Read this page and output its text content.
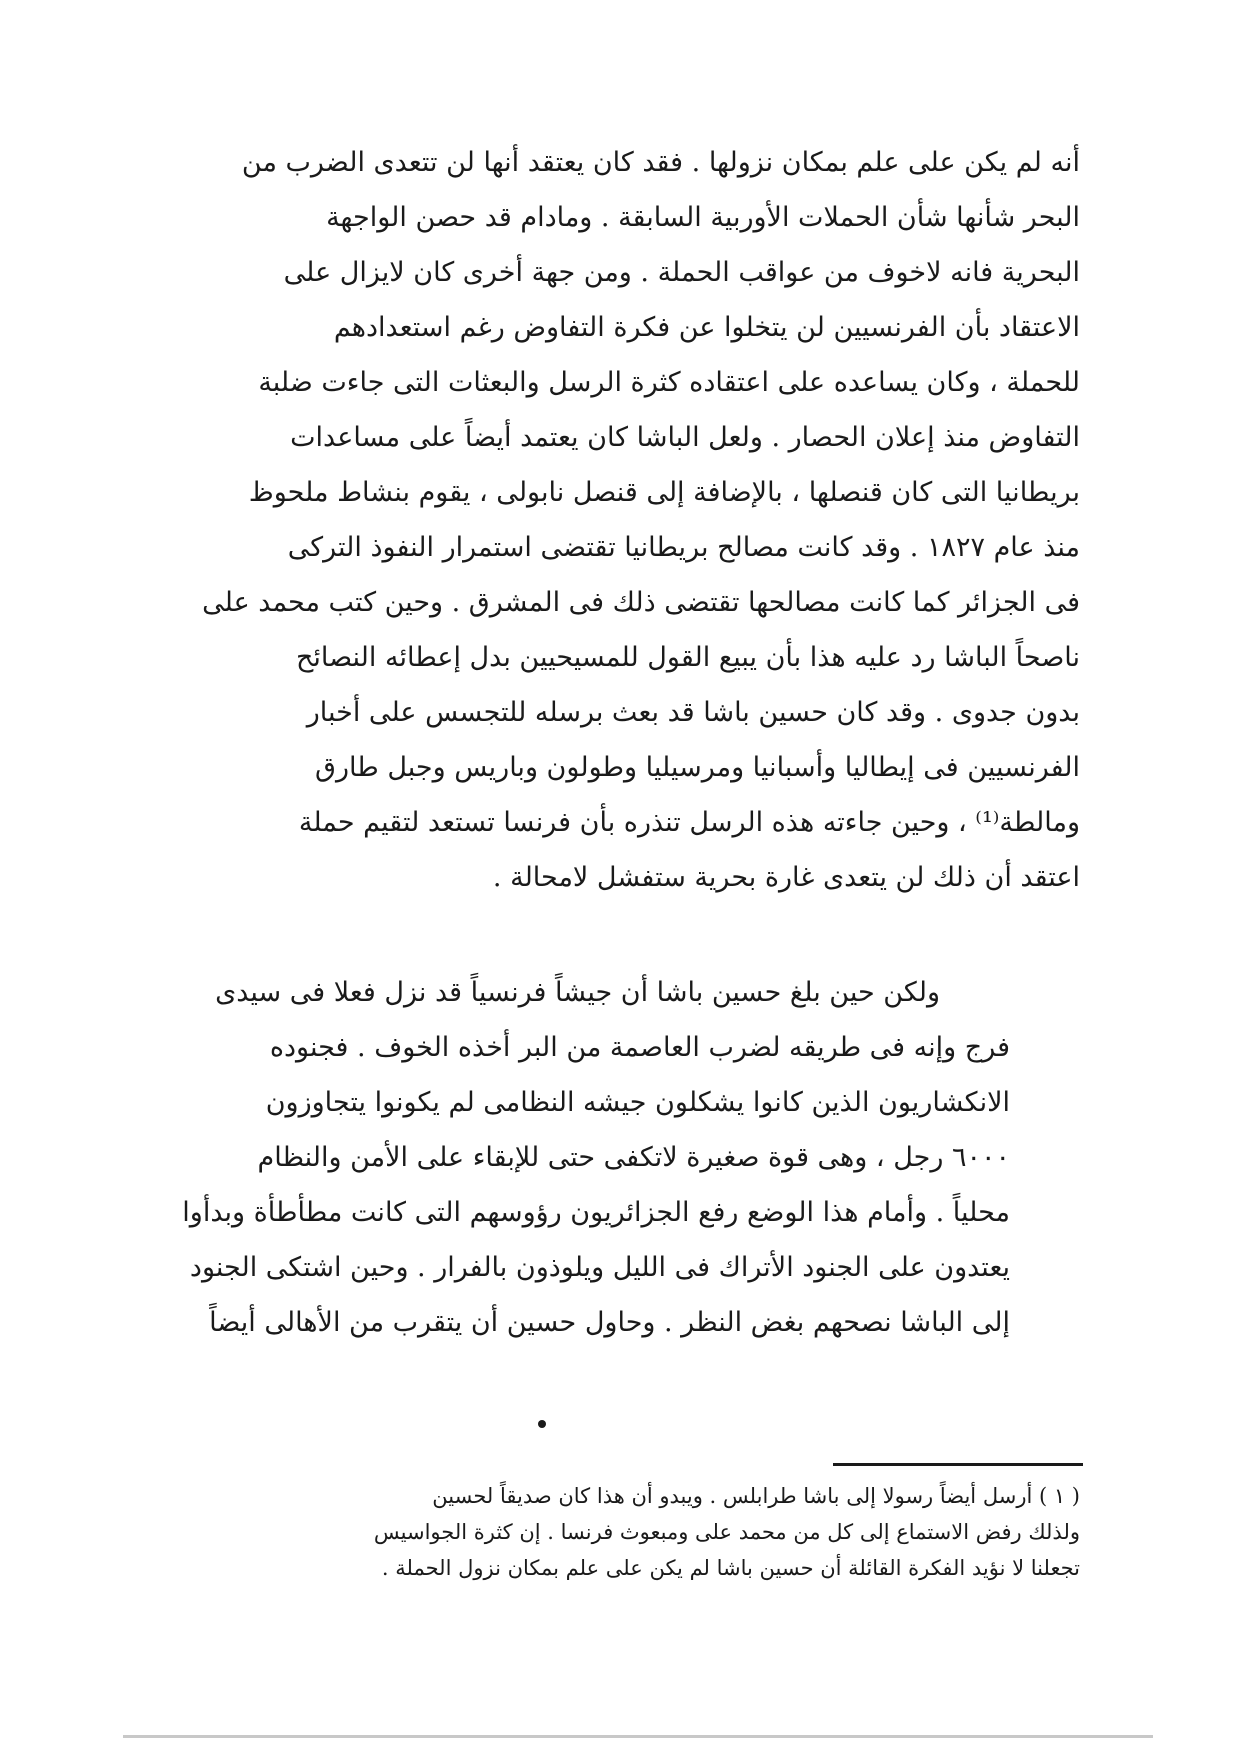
أنه لم يكن على علم بمكان نزولها . فقد كان يعتقد أنها لن تتعدى الضرب من
البحر شأنها شأن الحملات الأوربية السابقة . ومادام قد حصن الواجهة
البحرية فانه لاخوف من عواقب الحملة . ومن جهة أخرى كان لايزال على
الاعتقاد بأن الفرنسيين لن يتخلوا عن فكرة التفاوض رغم استعدادهم
للحملة ، وكان يساعده على اعتقاده كثرة الرسل والبعثات التى جاءت ضلبة
التفاوض منذ إعلان الحصار . ولعل الباشا كان يعتمد أيضاً على مساعدات
بريطانيا التى كان قنصلها ، بالإضافة إلى قنصل نابولى ، يقوم بنشاط ملحوظ
منذ عام ١٨٢٧ . وقد كانت مصالح بريطانيا تقتضى استمرار النفوذ التركى
فى الجزائر كما كانت مصالحها تقتضى ذلك فى المشرق . وحين كتب محمد على
ناصحاً الباشا رد عليه هذا بأن يبيع القول للمسيحيين بدل إعطائه النصائح
بدون جدوى . وقد كان حسين باشا قد بعث برسله للتجسس على أخبار
الفرنسيين فى إيطاليا وأسبانيا ومرسيليا وطولون وباريس وجبل طارق
ومالطة⁽¹⁾ ، وحين جاءته هذه الرسل تنذره بأن فرنسا تستعد لتقيم حملة
اعتقد أن ذلك لن يتعدى غارة بحرية ستفشل لامحالة .
ولكن حين بلغ حسين باشا أن جيشاً فرنسياً قد نزل فعلا فى سيدى
فرج وإنه فى طريقه لضرب العاصمة من البر أخذه الخوف . فجنوده
الانكشاريون الذين كانوا يشكلون جيشه النظامى لم يكونوا يتجاوزون
٦٠٠٠ رجل ، وهى قوة صغيرة لاتكفى حتى للإبقاء على الأمن والنظام
محلياً . وأمام هذا الوضع رفع الجزائريون رؤوسهم التى كانت مطأطأة وبدأوا
يعتدون على الجنود الأتراك فى الليل ويلوذون بالفرار . وحين اشتكى الجنود
إلى الباشا نصحهم بغض النظر . وحاول حسين أن يتقرب من الأهالى أيضاً
( ١ ) أرسل أيضاً رسولا إلى باشا طرابلس . ويبدو أن هذا كان صديقاً لحسين
ولذلك رفض الاستماع إلى كل من محمد على ومبعوث فرنسا . إن كثرة الجواسيس
تجعلنا لا نؤيد الفكرة القائلة أن حسين باشا لم يكن على علم بمكان نزول الحملة .
